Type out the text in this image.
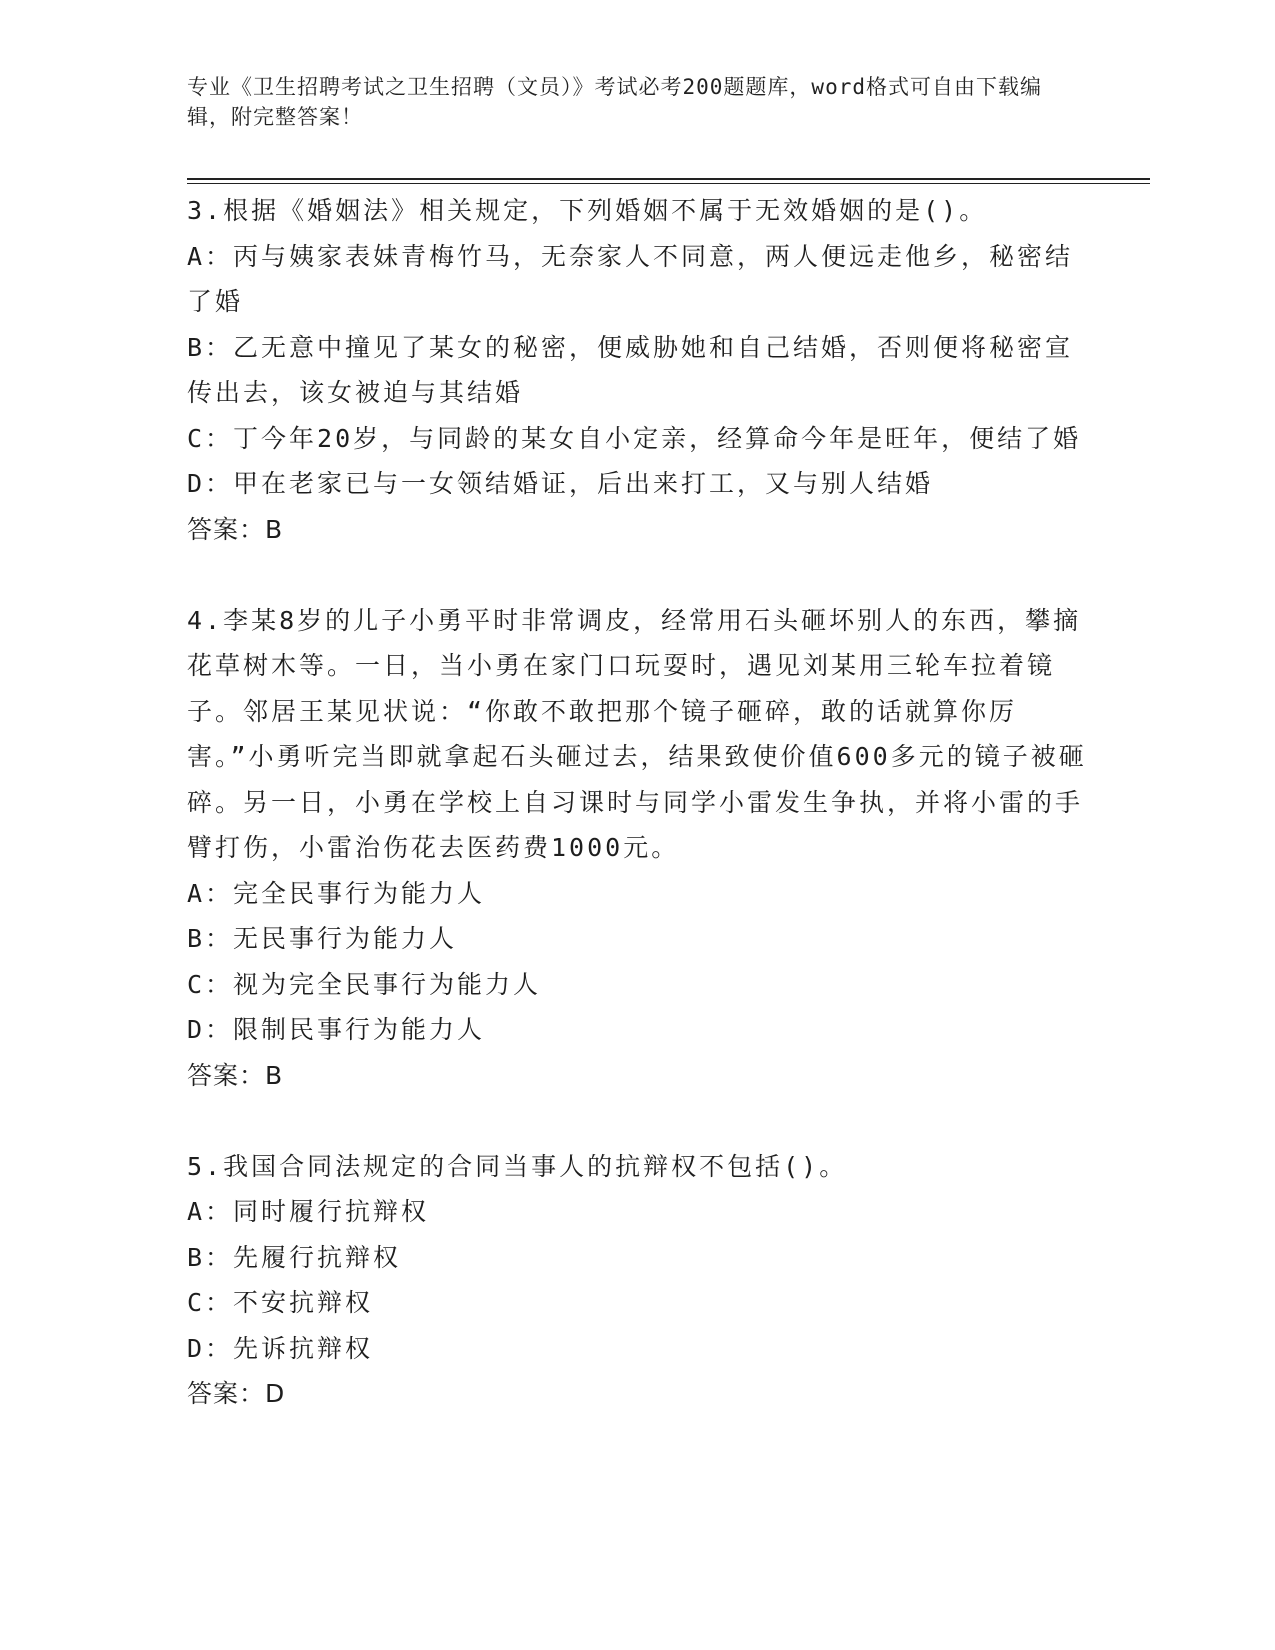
专业《卫生招聘考试之卫生招聘（文员）》考试必考200题题库，word格式可自由下载编辑，附完整答案！
3.根据《婚姻法》相关规定，下列婚姻不属于无效婚姻的是()。
A：丙与姨家表妹青梅竹马，无奈家人不同意，两人便远走他乡，秘密结了婚
B：乙无意中撞见了某女的秘密，便威胁她和自己结婚，否则便将秘密宣传出去，该女被迫与其结婚
C：丁今年20岁，与同龄的某女自小定亲，经算命今年是旺年，便结了婚
D：甲在老家已与一女领结婚证，后出来打工，又与别人结婚
答案：B
4.李某8岁的儿子小勇平时非常调皮，经常用石头砸坏别人的东西，攀摘花草树木等。一日，当小勇在家门口玩耍时，遇见刘某用三轮车拉着镜子。邻居王某见状说：“你敢不敢把那个镜子砸碎，敢的话就算你厉害。”小勇听完当即就拿起石头砸过去，结果致使价值600多元的镜子被砸碎。另一日，小勇在学校上自习课时与同学小雷发生争执，并将小雷的手臂打伤，小雷治伤花去医药费1000元。
A：完全民事行为能力人
B：无民事行为能力人
C：视为完全民事行为能力人
D：限制民事行为能力人
答案：B
5.我国合同法规定的合同当事人的抗辩权不包括()。
A：同时履行抗辩权
B：先履行抗辩权
C：不安抗辩权
D：先诉抗辩权
答案：D
